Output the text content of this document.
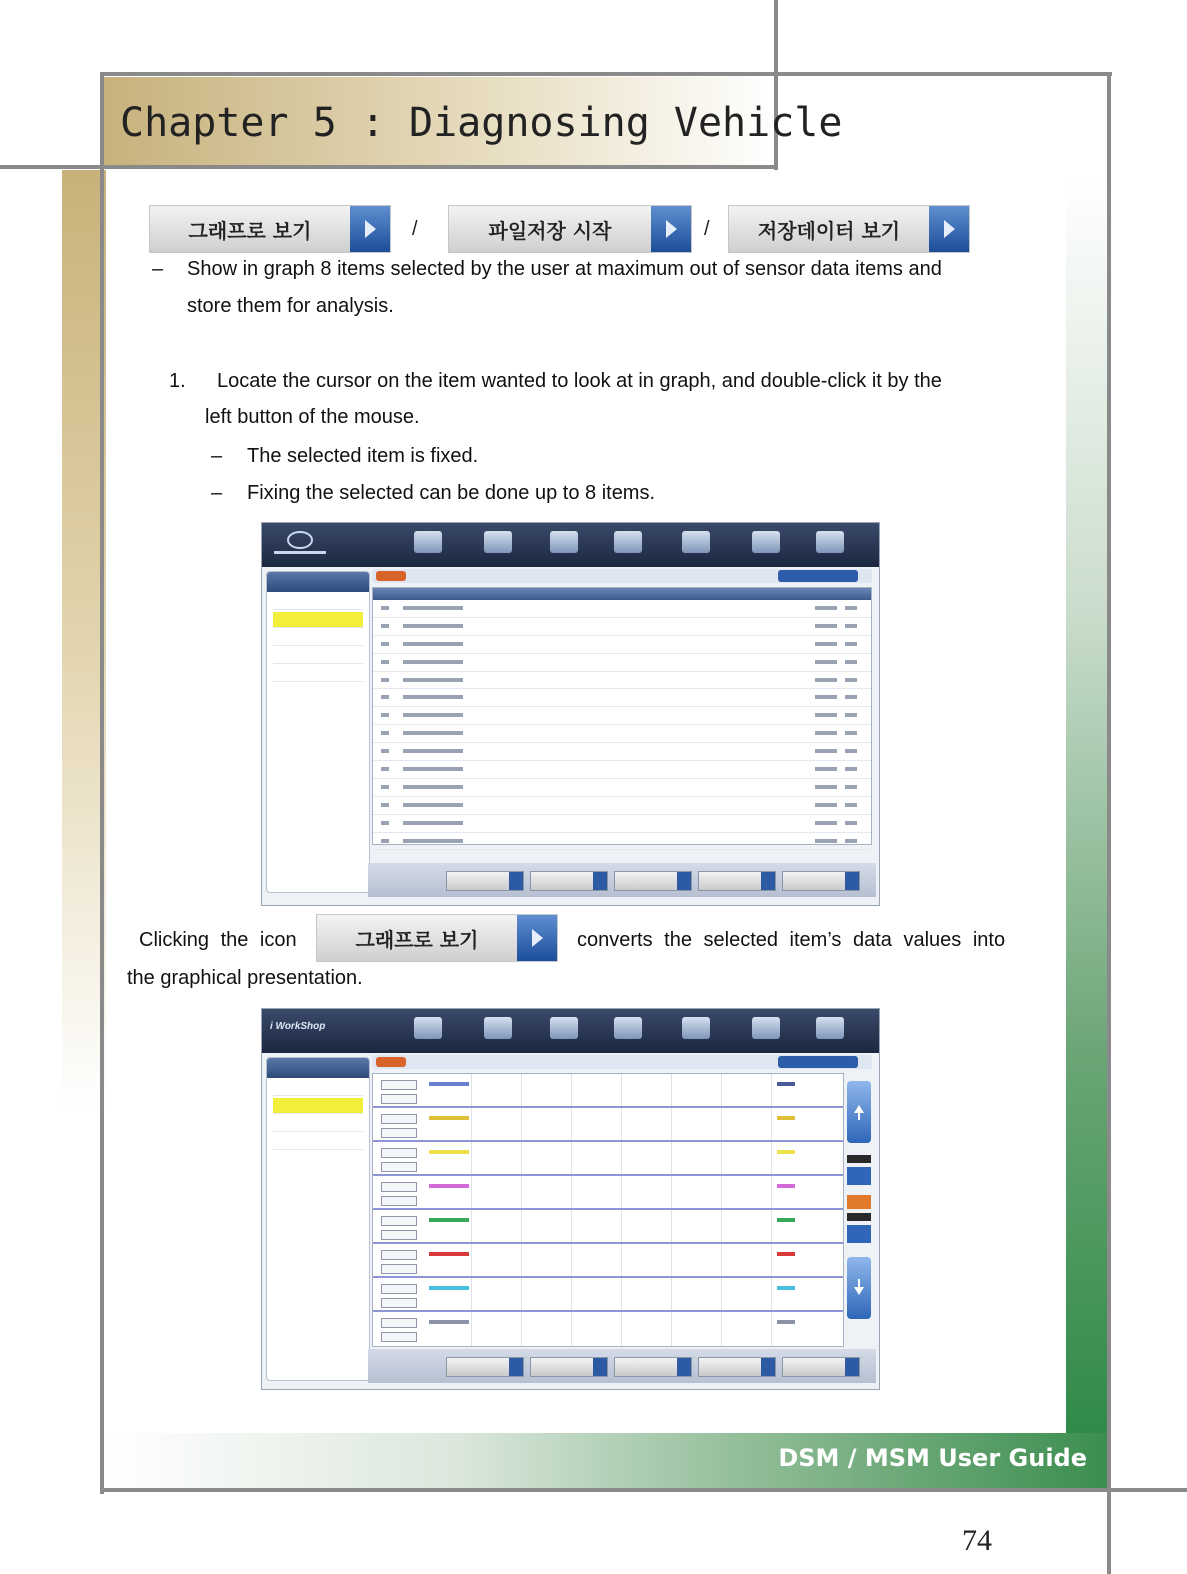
Chapter 5 : Diagnosing Vehicle
그래프로 보기	/	파일저장 시작	/	저장데이터 보기
– Show in graph 8 items selected by the user at maximum out of sensor data items and
store them for analysis.
1. Locate the cursor on the item wanted to look at in graph, and double-click it by the
left button of the mouse.
– The selected item is fixed.
– Fixing the selected can be done up to 8 items.
Clicking the icon	그래프로 보기	converts the selected item’s data values into
the graphical presentation.
i WorkShop
DSM / MSM User Guide
74
